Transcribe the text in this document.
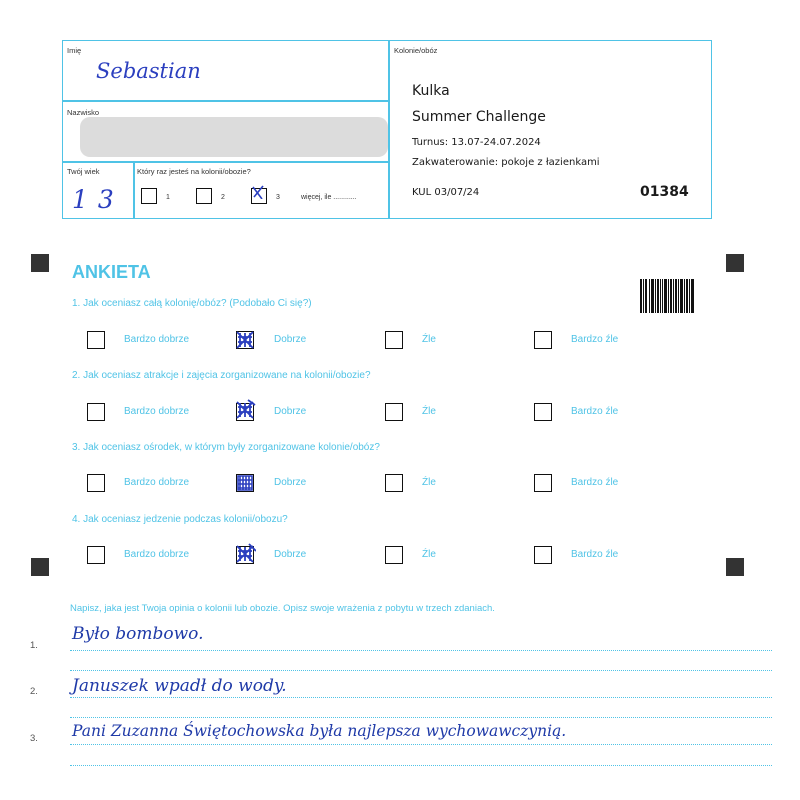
Imię
Sebastian
Nazwisko
Twój wiek
13
Który raz jesteś na kolonii/obozie?
1	2	3	więcej, ile ............
Kolonie/obóz
Kulka
Summer Challenge
Turnus: 13.07-24.07.2024
Zakwaterowanie: pokoje z łazienkami
KUL 03/07/24	01384
ANKIETA
1. Jak oceniasz całą kolonię/obóz? (Podobało Ci się?)
Bardzo dobrze	Dobrze	Źle	Bardzo źle
2. Jak oceniasz atrakcje i zajęcia zorganizowane na kolonii/obozie?
Bardzo dobrze	Dobrze	Źle	Bardzo źle
3. Jak oceniasz ośrodek, w którym były zorganizowane kolonie/obóz?
Bardzo dobrze	Dobrze	Źle	Bardzo źle
4. Jak oceniasz jedzenie podczas kolonii/obozu?
Bardzo dobrze	Dobrze	Źle	Bardzo źle
Napisz, jaka jest Twoja opinia o kolonii lub obozie. Opisz swoje wrażenia z pobytu w trzech zdaniach.
1.
Było bombowo.
2. Januszek wpadł do wody.
3. Pani Zuzanna Świętochowska była najlepsza wychowawczynią.
